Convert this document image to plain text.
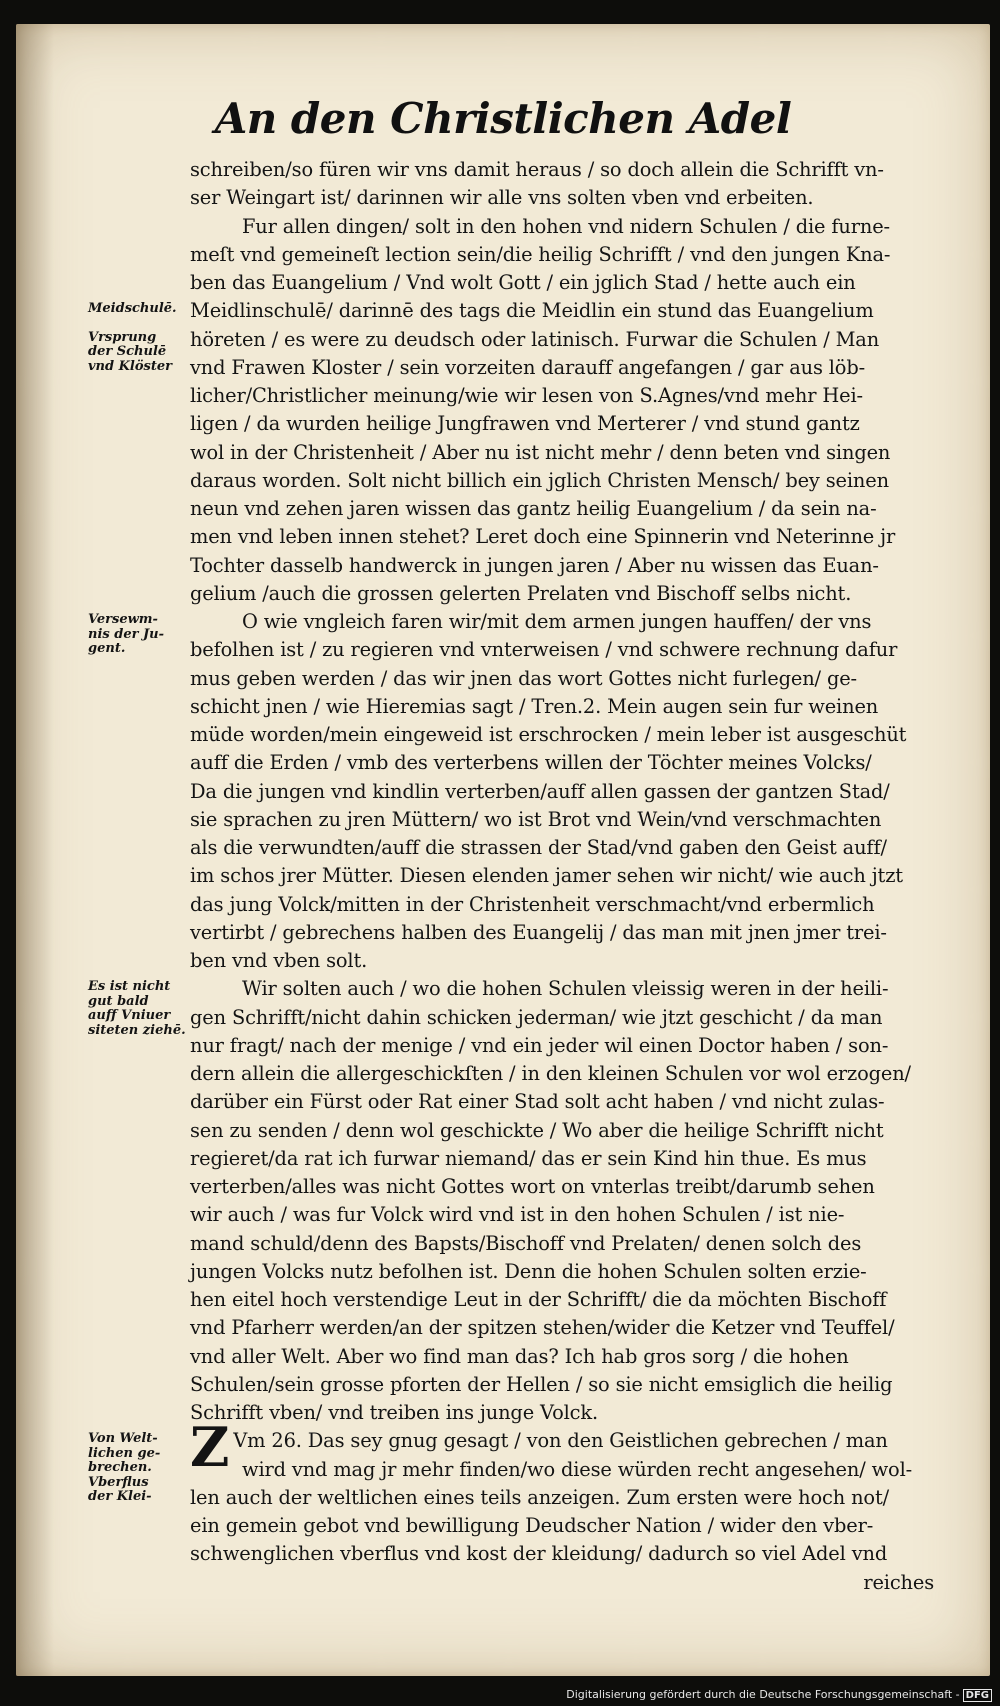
An den Christlichen Adel
schreiben/so füren wir vns damit heraus / so doch allein die Schrifft vn-
ser Weingart ist/ darinnen wir alle vns solten vben vnd erbeiten.
Fur allen dingen/ solt in den hohen vnd nidern Schulen / die furne-
meſt vnd gemeineſt lection sein/die heilig Schrifft / vnd den jungen Kna-
ben das Euangelium / Vnd wolt Gott / ein jglich Stad / hette auch ein
Meidlinschulē/ darinnē des tags die Meidlin ein stund das Euangelium
höreten / es were zu deudsch oder latinisch. Furwar die Schulen / Man
vnd Frawen Kloster / sein vorzeiten darauff angefangen / gar aus löb-
licher/Christlicher meinung/wie wir lesen von S.Agnes/vnd mehr Hei-
ligen / da wurden heilige Jungfrawen vnd Merterer / vnd stund gantz
wol in der Christenheit / Aber nu ist nicht mehr / denn beten vnd singen
daraus worden. Solt nicht billich ein jglich Christen Mensch/ bey seinen
neun vnd zehen jaren wissen das gantz heilig Euangelium / da sein na-
men vnd leben innen stehet? Leret doch eine Spinnerin vnd Neterinne jr
Tochter dasselb handwerck in jungen jaren / Aber nu wissen das Euan-
gelium /auch die grossen gelerten Prelaten vnd Bischoff selbs nicht.
O wie vngleich faren wir/mit dem armen jungen hauffen/ der vns
befolhen ist / zu regieren vnd vnterweisen / vnd schwere rechnung dafur
mus geben werden / das wir jnen das wort Gottes nicht furlegen/ ge-
schicht jnen / wie Hieremias sagt / Tren.2. Mein augen sein fur weinen
müde worden/mein eingeweid ist erschrocken / mein leber ist ausgeschüt
auff die Erden / vmb des verterbens willen der Töchter meines Volcks/
Da die jungen vnd kindlin verterben/auff allen gassen der gantzen Stad/
sie sprachen zu jren Müttern/ wo ist Brot vnd Wein/vnd verschmachten
als die verwundten/auff die strassen der Stad/vnd gaben den Geist auff/
im schos jrer Mütter. Diesen elenden jamer sehen wir nicht/ wie auch jtzt
das jung Volck/mitten in der Christenheit verschmacht/vnd erbermlich
vertirbt / gebrechens halben des Euangelij / das man mit jnen jmer trei-
ben vnd vben solt.
Wir solten auch / wo die hohen Schulen vleissig weren in der heili-
gen Schrifft/nicht dahin schicken jederman/ wie jtzt geschicht / da man
nur fragt/ nach der menige / vnd ein jeder wil einen Doctor haben / son-
dern allein die allergeschickſten / in den kleinen Schulen vor wol erzogen/
darüber ein Fürst oder Rat einer Stad solt acht haben / vnd nicht zulas-
sen zu senden / denn wol geschickte / Wo aber die heilige Schrifft nicht
regieret/da rat ich furwar niemand/ das er sein Kind hin thue. Es mus
verterben/alles was nicht Gottes wort on vnterlas treibt/darumb sehen
wir auch / was fur Volck wird vnd ist in den hohen Schulen / ist nie-
mand schuld/denn des Bapsts/Bischoff vnd Prelaten/ denen solch des
jungen Volcks nutz befolhen ist. Denn die hohen Schulen solten erzie-
hen eitel hoch verstendige Leut in der Schrifft/ die da möchten Bischoff
vnd Pfarherr werden/an der spitzen stehen/wider die Ketzer vnd Teuffel/
vnd aller Welt. Aber wo find man das? Ich hab gros sorg / die hohen
Schulen/sein grosse pforten der Hellen / so sie nicht emsiglich die heilig
Schrifft vben/ vnd treiben ins junge Volck.
Z Vm 26. Das sey gnug gesagt / von den Geistlichen gebrechen / man
wird vnd mag jr mehr finden/wo diese würden recht angesehen/ wol-
len auch der weltlichen eines teils anzeigen. Zum ersten were hoch not/
ein gemein gebot vnd bewilligung Deudscher Nation / wider den vber-
schwenglichen vberflus vnd kost der kleidung/ dadurch so viel Adel vnd
reiches
Meidschulē.
Vrsprung
der Schulē
vnd Klöster
Versewm-
nis der Ju-
gent.
Es ist nicht
gut bald
auff Vniuer
siteten ziehē.
Von Welt-
lichen ge-
brechen.
Vberflus
der Klei-
Digitalisierung gefördert durch die Deutsche Forschungsgemeinschaft - DFG
